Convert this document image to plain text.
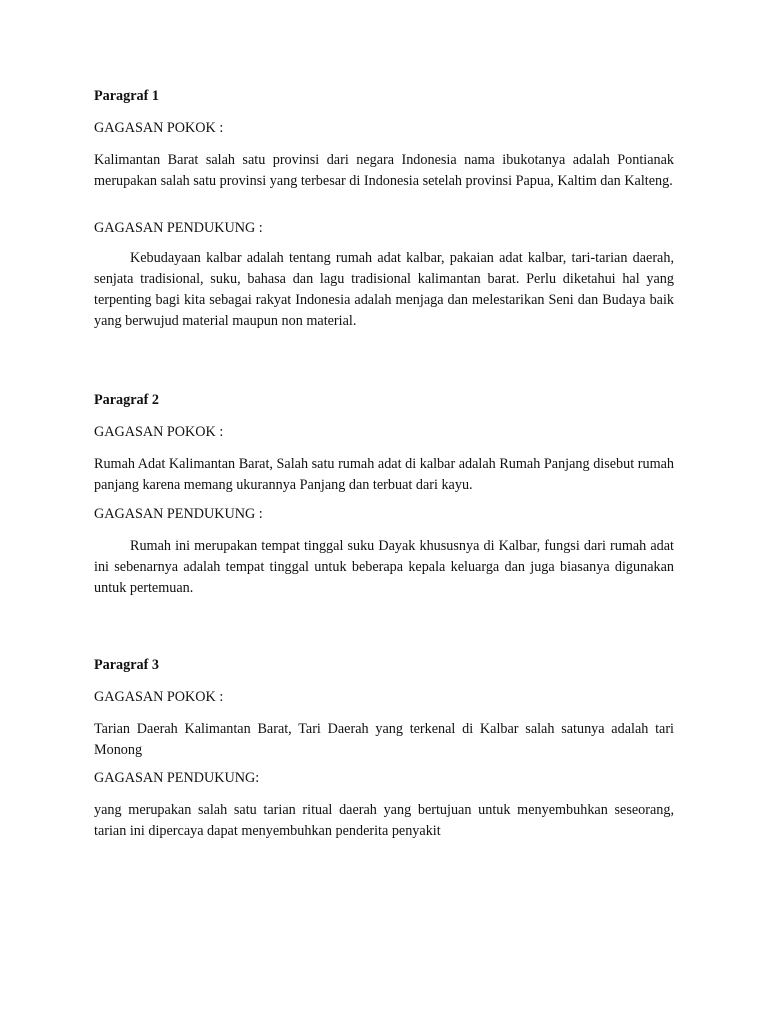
Paragraf 1

GAGASAN POKOK :

Kalimantan Barat salah satu provinsi dari negara Indonesia nama ibukotanya adalah Pontianak merupakan salah satu provinsi yang terbesar di Indonesia setelah provinsi Papua, Kaltim dan Kalteng.

GAGASAN PENDUKUNG :

Kebudayaan kalbar adalah tentang rumah adat kalbar, pakaian adat kalbar, tari-tarian daerah, senjata tradisional, suku, bahasa dan lagu tradisional kalimantan barat. Perlu diketahui hal yang terpenting bagi kita sebagai rakyat Indonesia adalah menjaga dan melestarikan Seni dan Budaya baik yang berwujud material maupun non material.

Paragraf 2

GAGASAN POKOK :

Rumah Adat Kalimantan Barat, Salah satu rumah adat di kalbar adalah Rumah Panjang disebut rumah panjang karena memang ukurannya Panjang dan terbuat dari kayu.

GAGASAN PENDUKUNG :

Rumah ini merupakan tempat tinggal suku Dayak khususnya di Kalbar, fungsi dari rumah adat ini sebenarnya adalah tempat tinggal untuk beberapa kepala keluarga dan juga biasanya digunakan untuk pertemuan.

Paragraf 3

GAGASAN POKOK :

Tarian Daerah Kalimantan Barat, Tari Daerah yang terkenal di Kalbar salah satunya adalah tari Monong

GAGASAN PENDUKUNG:

yang merupakan salah satu tarian ritual daerah yang bertujuan untuk menyembuhkan seseorang, tarian ini dipercaya dapat menyembuhkan penderita penyakit
